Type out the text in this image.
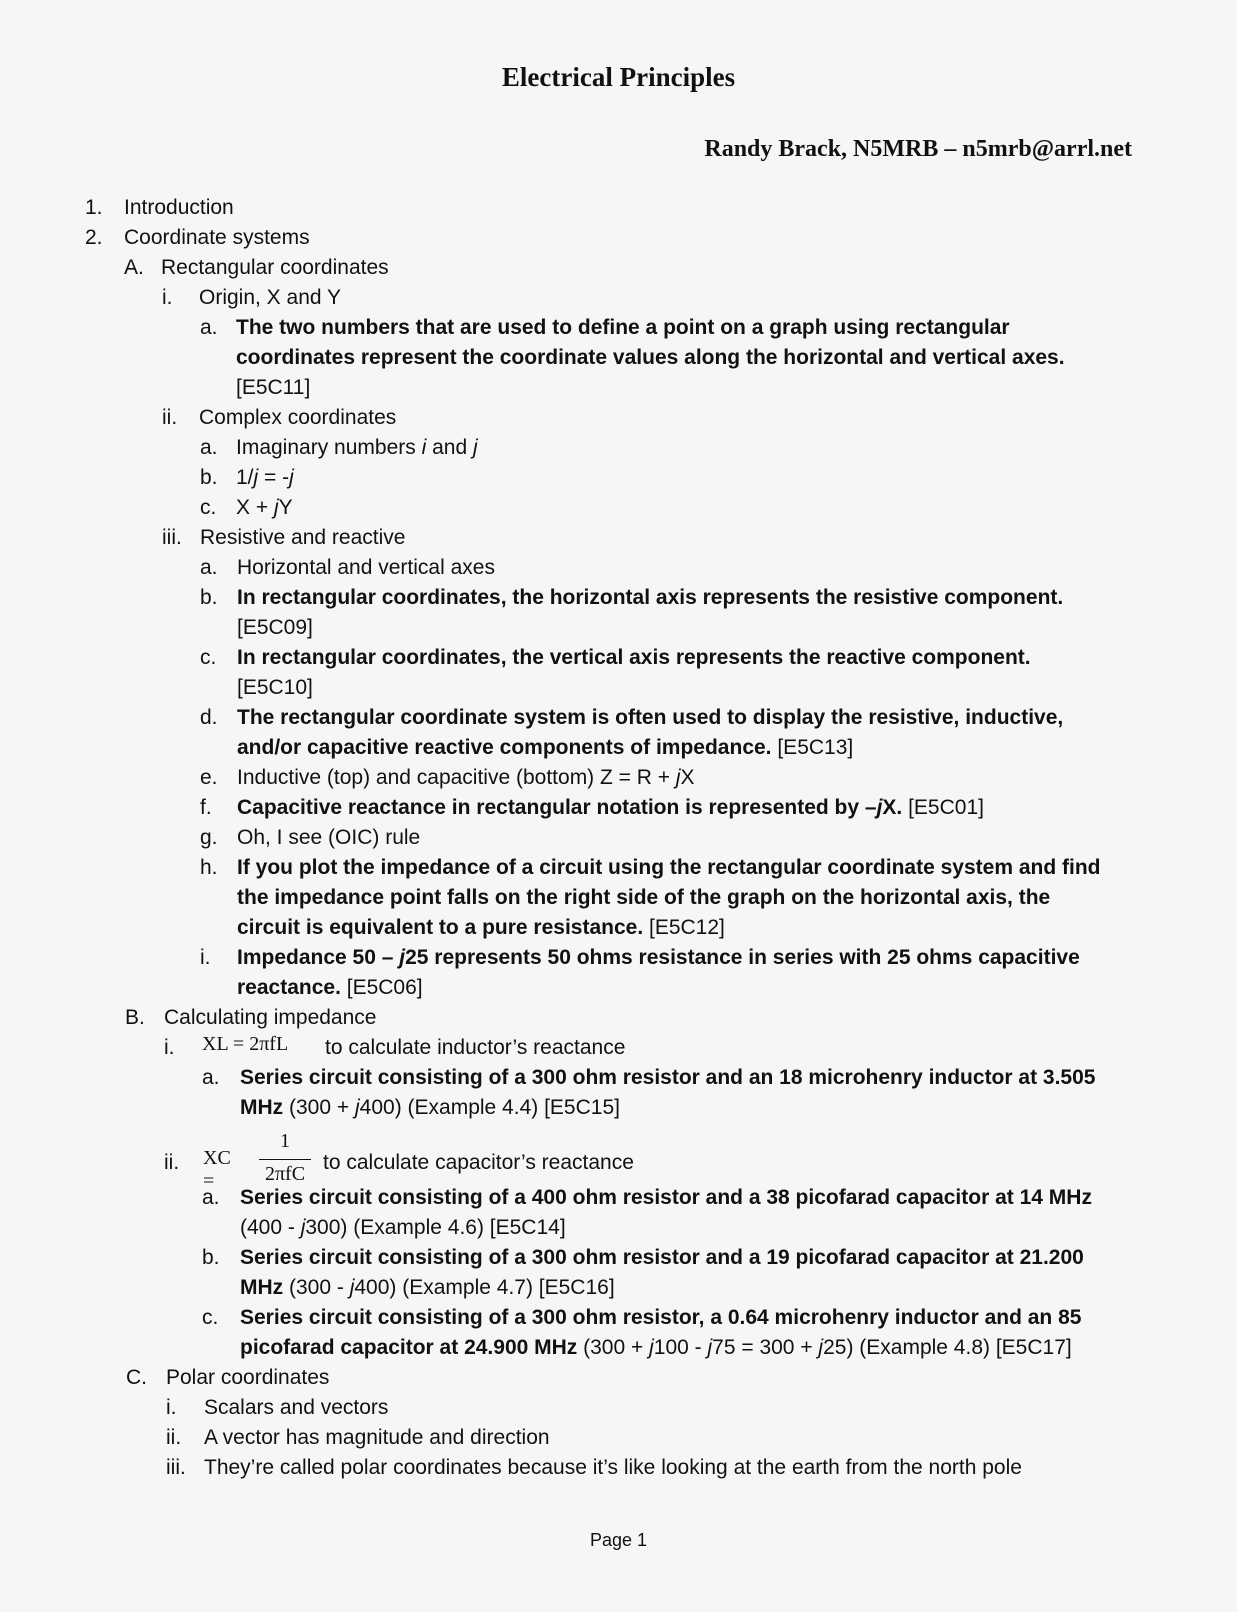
Electrical Principles
Randy Brack, N5MRB – n5mrb@arrl.net
1. Introduction
2. Coordinate systems
A. Rectangular coordinates
i. Origin, X and Y
a. The two numbers that are used to define a point on a graph using rectangular
coordinates represent the coordinate values along the horizontal and vertical axes.
[E5C11]
ii. Complex coordinates
a. Imaginary numbers i and j
b. 1/j = -j
c. X + jY
iii. Resistive and reactive
a. Horizontal and vertical axes
b. In rectangular coordinates, the horizontal axis represents the resistive component.
[E5C09]
c. In rectangular coordinates, the vertical axis represents the reactive component.
[E5C10]
d. The rectangular coordinate system is often used to display the resistive, inductive,
and/or capacitive reactive components of impedance. [E5C13]
e. Inductive (top) and capacitive (bottom) Z = R + jX
f. Capacitive reactance in rectangular notation is represented by –jX. [E5C01]
g. Oh, I see (OIC) rule
h. If you plot the impedance of a circuit using the rectangular coordinate system and find
the impedance point falls on the right side of the graph on the horizontal axis, the
circuit is equivalent to a pure resistance. [E5C12]
i. Impedance 50 – j25 represents 50 ohms resistance in series with 25 ohms capacitive
reactance. [E5C06]
B. Calculating impedance
i. XL = 2πfL to calculate inductor’s reactance
a. Series circuit consisting of a 300 ohm resistor and an 18 microhenry inductor at 3.505
MHz (300 + j400) (Example 4.4) [E5C15]
ii.	to calculate capacitor’s reactance
XC =
1
2πfC
a. Series circuit consisting of a 400 ohm resistor and a 38 picofarad capacitor at 14 MHz
(400 - j300) (Example 4.6) [E5C14]
b. Series circuit consisting of a 300 ohm resistor and a 19 picofarad capacitor at 21.200
MHz (300 - j400) (Example 4.7) [E5C16]
c. Series circuit consisting of a 300 ohm resistor, a 0.64 microhenry inductor and an 85
picofarad capacitor at 24.900 MHz (300 + j100 - j75 = 300 + j25) (Example 4.8) [E5C17]
C. Polar coordinates
i. Scalars and vectors
ii. A vector has magnitude and direction
iii. They’re called polar coordinates because it’s like looking at the earth from the north pole
Page 1
